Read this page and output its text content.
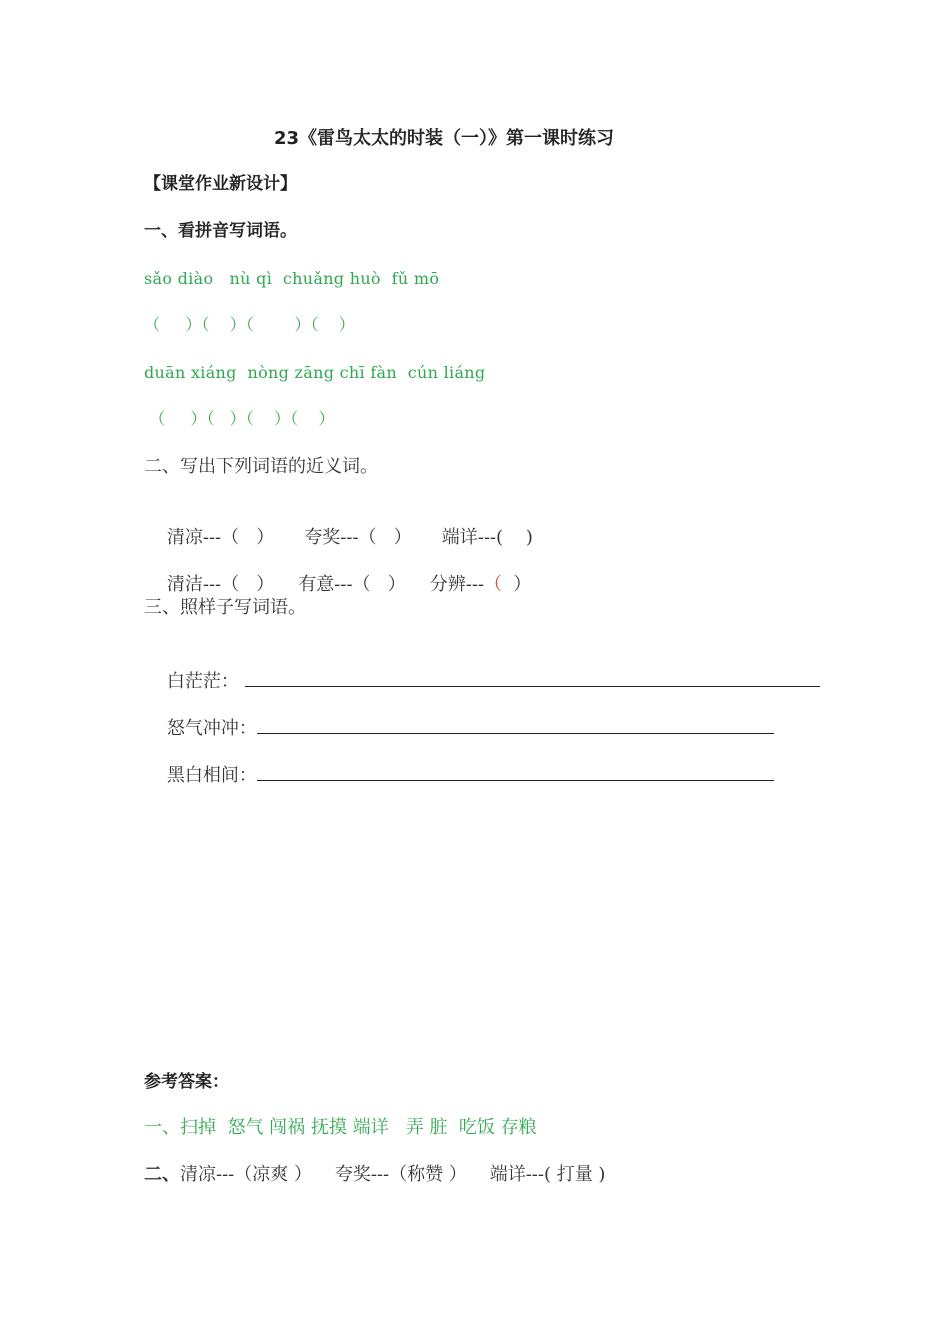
23《雷鸟太太的时装（一）》第一课时练习
【课堂作业新设计】
一、看拼音写词语。
sǎo diào   nù qì  chuǎng huò  fǔ mō
（     ）（    ）（        ）（    ）
duān xiáng  nòng zāng chī fàn  cún liáng
（     ）（   ）（    ）（    ）
二、写出下列词语的近义词。

清凉---（   ） 夸奖---（   ） 端详---(    )

清洁---（   ） 有意---（   ） 分辨---（  ）

三、照样子写词语。

白茫茫：

怒气冲冲：

黑白相间：

参考答案：
一、扫掉  怒气 闯祸 抚摸 端详   弄 脏  吃饭 存粮
二、清凉---（凉爽 ）    夸奖---（称赞 ）    端详---( 打量 )
